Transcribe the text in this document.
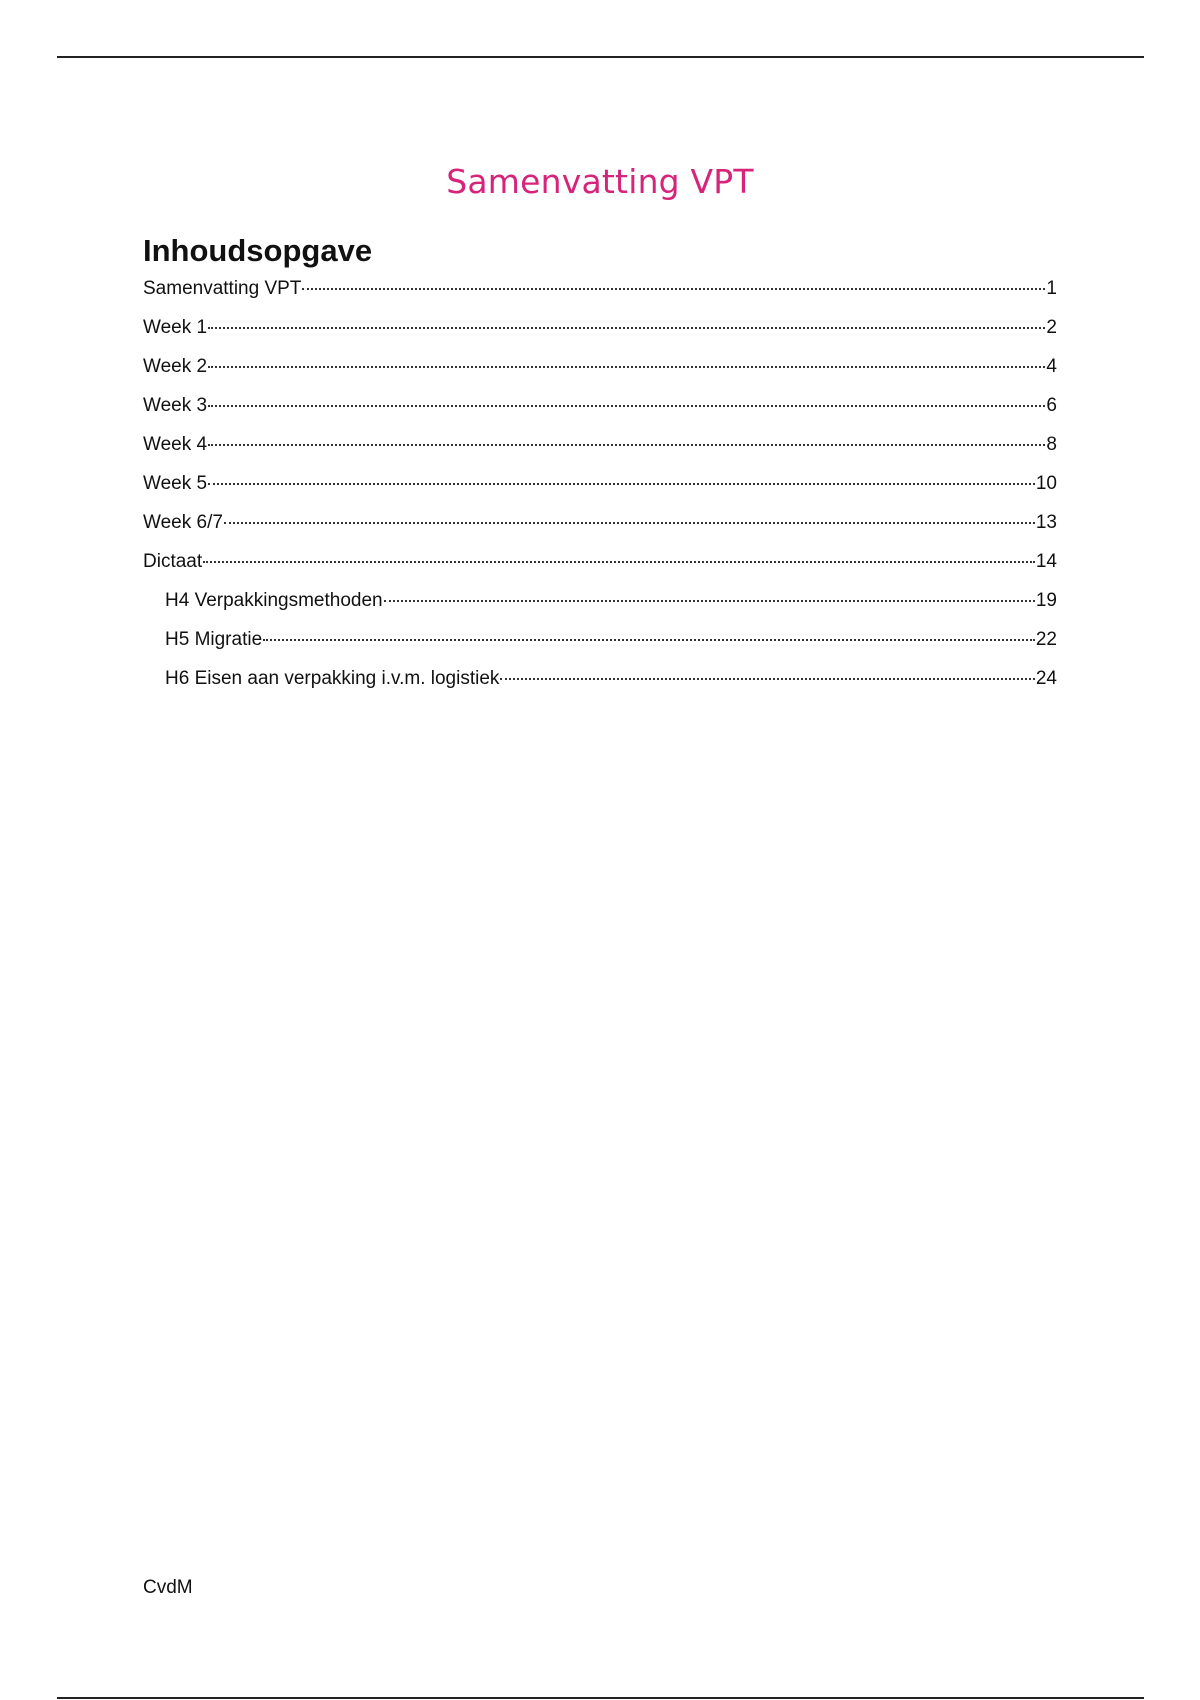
Samenvatting VPT
Inhoudsopgave
Samenvatting VPT	1
Week 1	2
Week 2	4
Week 3	6
Week 4	8
Week 5	10
Week 6/7	13
Dictaat	14
H4 Verpakkingsmethoden	19
H5 Migratie	22
H6 Eisen aan verpakking i.v.m. logistiek	24
CvdM
